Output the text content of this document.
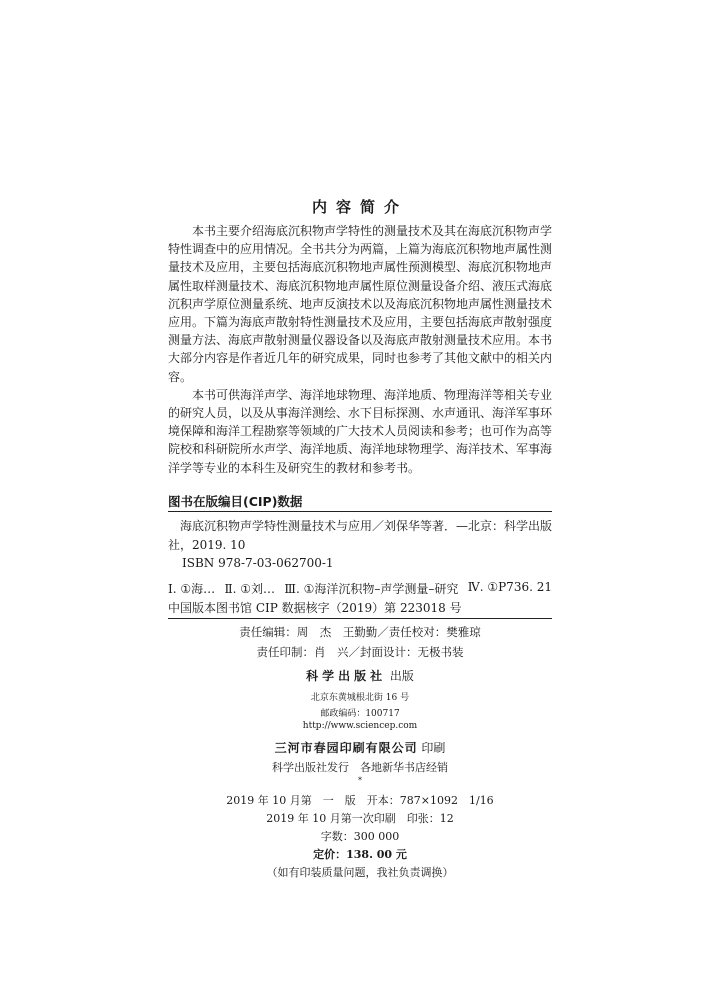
内容简介

本书主要介绍海底沉积物声学特性的测量技术及其在海底沉积物声学特性调查中的应用情况。全书共分为两篇，上篇为海底沉积物地声属性测量技术及应用，主要包括海底沉积物地声属性预测模型、海底沉积物地声属性取样测量技术、海底沉积物地声属性原位测量设备介绍、液压式海底沉积声学原位测量系统、地声反演技术以及海底沉积物地声属性测量技术应用。下篇为海底声散射特性测量技术及应用，主要包括海底声散射强度测量方法、海底声散射测量仪器设备以及海底声散射测量技术应用。本书大部分内容是作者近几年的研究成果，同时也参考了其他文献中的相关内容。

本书可供海洋声学、海洋地球物理、海洋地质、物理海洋等相关专业的研究人员，以及从事海洋测绘、水下目标探测、水声通讯、海洋军事环境保障和海洋工程勘察等领域的广大技术人员阅读和参考；也可作为高等院校和科研院所水声学、海洋地质、海洋地球物理学、海洋技术、军事海洋学等专业的本科生及研究生的教材和参考书。

图书在版编目(CIP)数据
海底沉积物声学特性测量技术与应用／刘保华等著．—北京：科学出版社，2019. 10
ISBN 978-7-03-062700-1
Ⅰ. ①海… Ⅱ. ①刘… Ⅲ. ①海洋沉积物–声学测量–研究 Ⅳ. ①P736. 21
中国版本图书馆 CIP 数据核字（2019）第 223018 号
责任编辑：周　杰　王勤勤／责任校对：樊雅琼
责任印制：肖　兴／封面设计：无极书装
科学出版社 出版
北京东黄城根北街 16 号
邮政编码：100717
http://www.sciencep.com
三河市春园印刷有限公司 印刷
科学出版社发行　各地新华书店经销
*
2019 年 10 月第　一　版　开本：787×1092　1/16
2019 年 10 月第一次印刷　印张：12
字数：300 000
定价：138. 00 元
（如有印装质量问题，我社负责调换）
